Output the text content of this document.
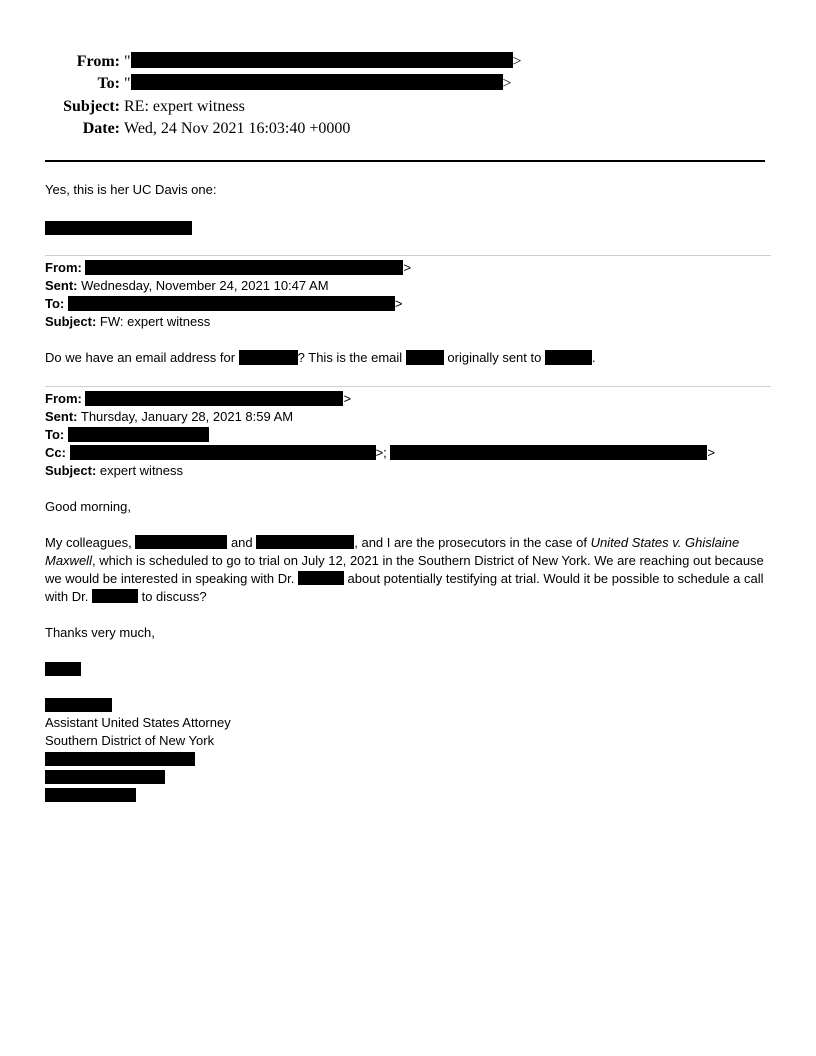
From: "	>
To: "	>
Subject: RE: expert witness
Date: Wed, 24 Nov 2021 16:03:40 +0000
Yes, this is her UC Davis one:
From:	>
Sent: Wednesday, November 24, 2021 10:47 AM
To:	>
Subject: FW: expert witness
Do we have an email address for	? This is the email	originally sent to	.
From:	>
Sent: Thursday, January 28, 2021 8:59 AM
To:
Cc:	>;	>
Subject: expert witness
Good morning,
My colleagues,	and	, and I are the prosecutors in the case of United States v. Ghislaine Maxwell, which is scheduled to go to trial on July 12, 2021 in the Southern District of New York. We are reaching out because we would be interested in speaking with Dr.	about potentially testifying at trial. Would it be possible to schedule a call with Dr.	to discuss?
Thanks very much,
Assistant United States Attorney
Southern District of New York
